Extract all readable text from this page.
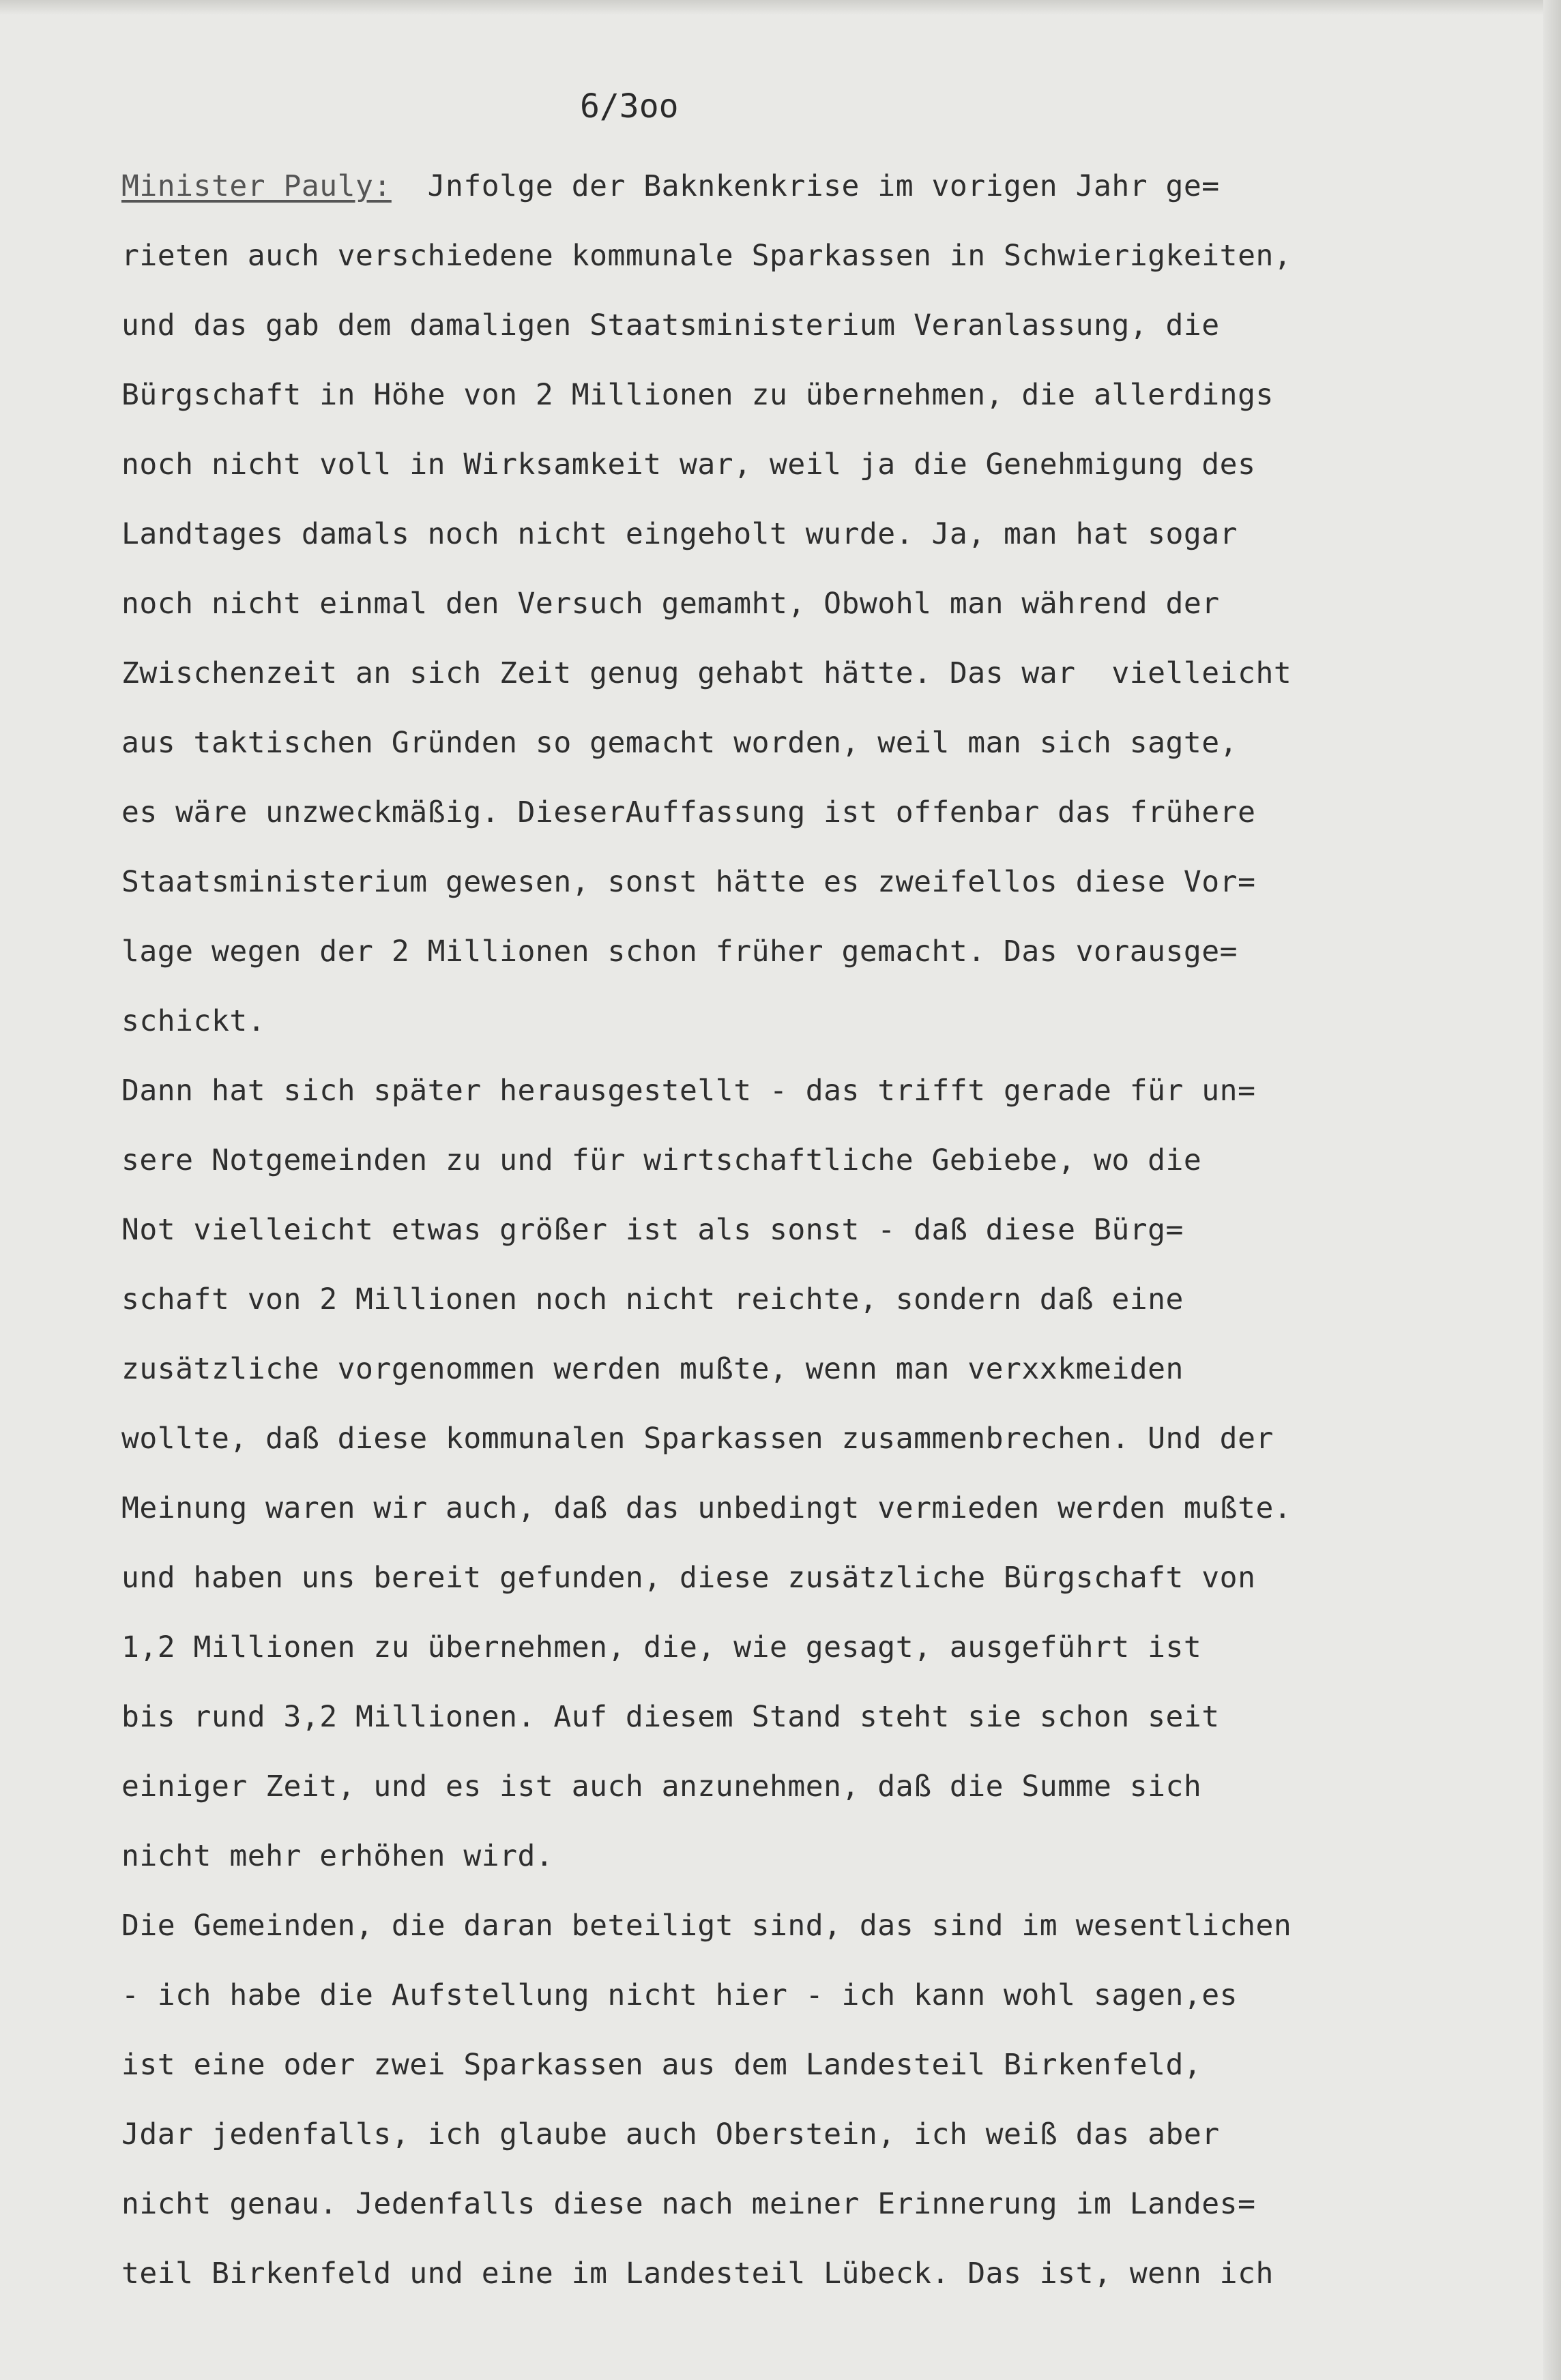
6/3oo
Minister Pauly:  Jnfolge der Baknkenkrise im vorigen Jahr ge=
rieten auch verschiedene kommunale Sparkassen in Schwierigkeiten,
und das gab dem damaligen Staatsministerium Veranlassung, die
Bürgschaft in Höhe von 2 Millionen zu übernehmen, die allerdings
noch nicht voll in Wirksamkeit war, weil ja die Genehmigung des
Landtages damals noch nicht eingeholt wurde. Ja, man hat sogar
noch nicht einmal den Versuch gemamht, Obwohl man während der
Zwischenzeit an sich Zeit genug gehabt hätte. Das war  vielleicht
aus taktischen Gründen so gemacht worden, weil man sich sagte,
es wäre unzweckmäßig. DieserAuffassung ist offenbar das frühere
Staatsministerium gewesen, sonst hätte es zweifellos diese Vor=
lage wegen der 2 Millionen schon früher gemacht. Das vorausge=
schickt.
Dann hat sich später herausgestellt - das trifft gerade für un=
sere Notgemeinden zu und für wirtschaftliche Gebiebe, wo die
Not vielleicht etwas größer ist als sonst - daß diese Bürg=
schaft von 2 Millionen noch nicht reichte, sondern daß eine
zusätzliche vorgenommen werden mußte, wenn man verxxkmeiden
wollte, daß diese kommunalen Sparkassen zusammenbrechen. Und der
Meinung waren wir auch, daß das unbedingt vermieden werden mußte.
und haben uns bereit gefunden, diese zusätzliche Bürgschaft von
1,2 Millionen zu übernehmen, die, wie gesagt, ausgeführt ist
bis rund 3,2 Millionen. Auf diesem Stand steht sie schon seit
einiger Zeit, und es ist auch anzunehmen, daß die Summe sich
nicht mehr erhöhen wird.
Die Gemeinden, die daran beteiligt sind, das sind im wesentlichen
- ich habe die Aufstellung nicht hier - ich kann wohl sagen,es
ist eine oder zwei Sparkassen aus dem Landesteil Birkenfeld,
Jdar jedenfalls, ich glaube auch Oberstein, ich weiß das aber
nicht genau. Jedenfalls diese nach meiner Erinnerung im Landes=
teil Birkenfeld und eine im Landesteil Lübeck. Das ist, wenn ich
